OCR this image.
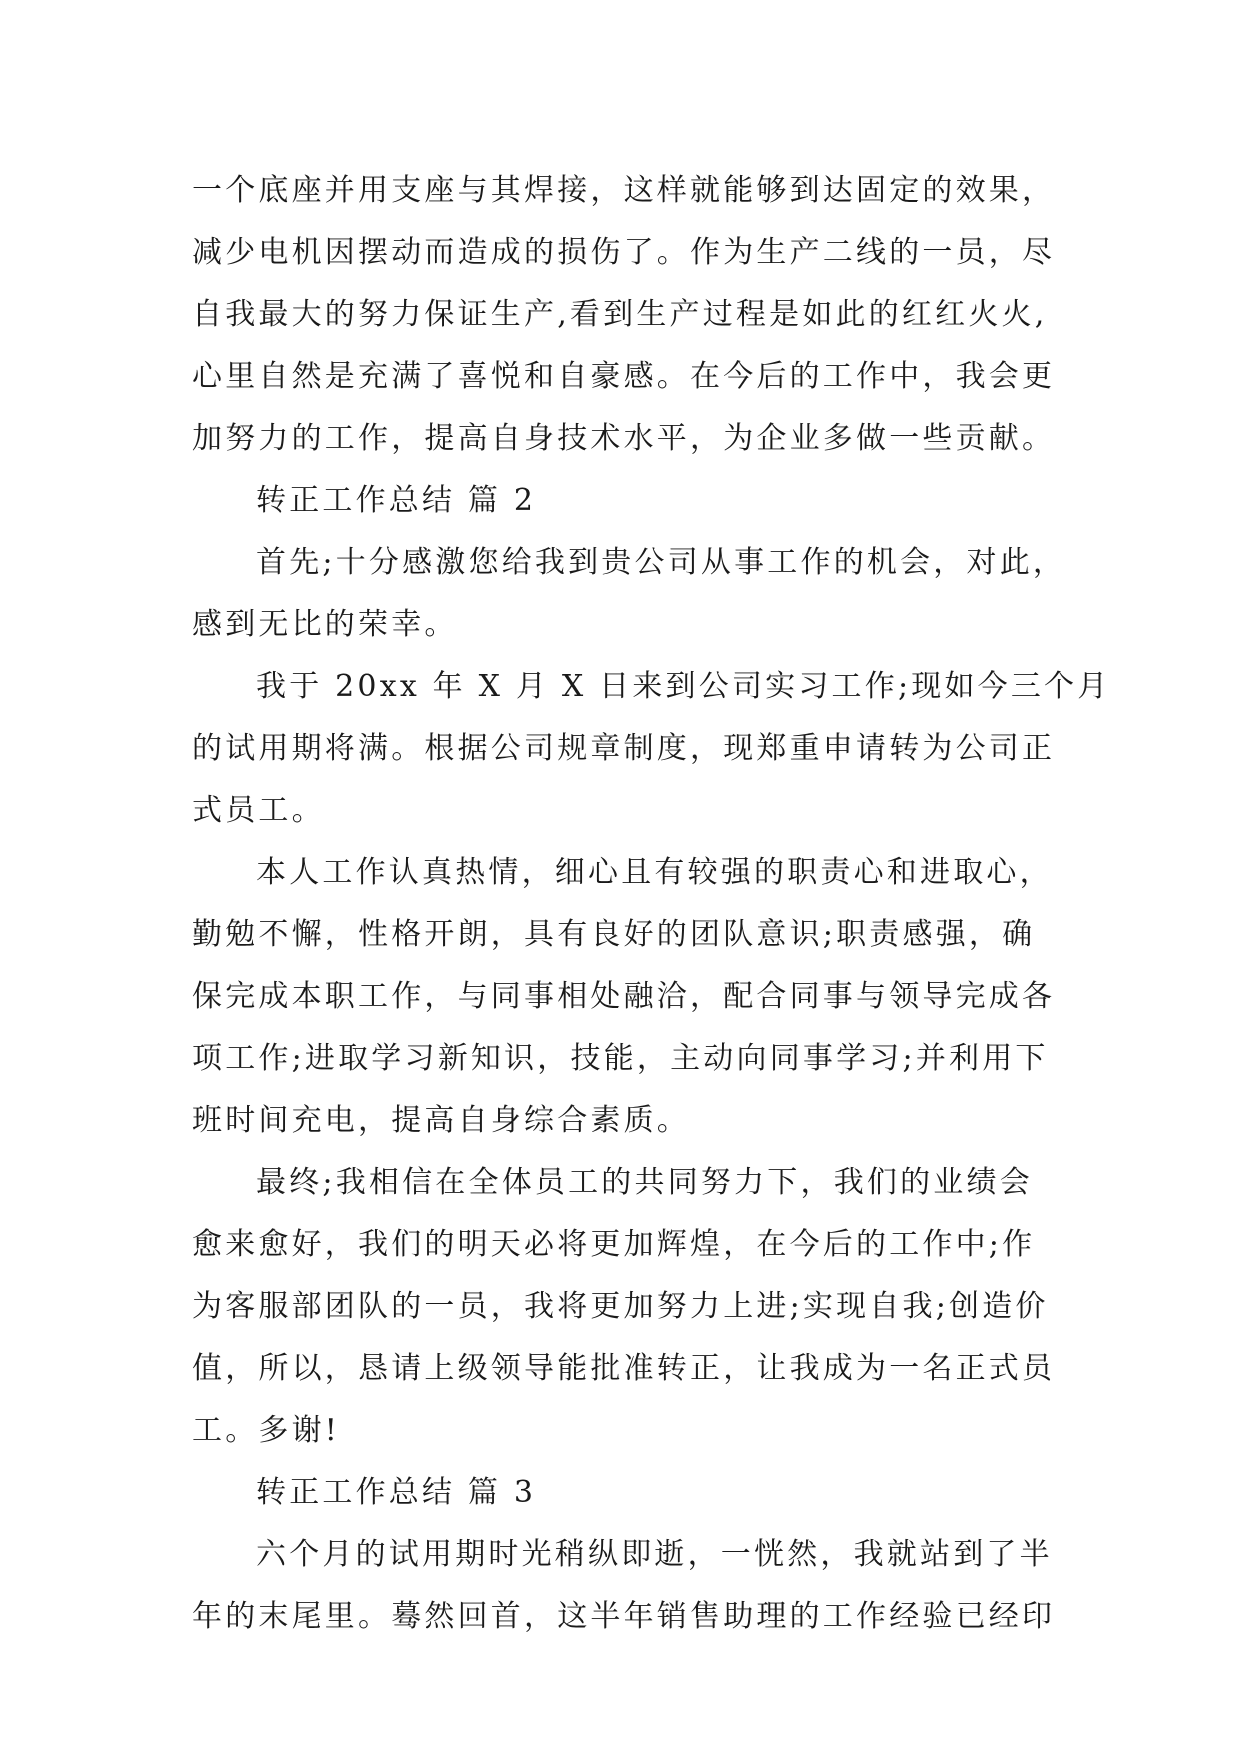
一个底座并用支座与其焊接，这样就能够到达固定的效果，
减少电机因摆动而造成的损伤了。作为生产二线的一员，尽
自我最大的努力保证生产,看到生产过程是如此的红红火火,
心里自然是充满了喜悦和自豪感。在今后的工作中，我会更
加努力的工作，提高自身技术水平，为企业多做一些贡献。
转正工作总结 篇 2
首先;十分感激您给我到贵公司从事工作的机会，对此，
感到无比的荣幸。
我于 20xx 年 X 月 X 日来到公司实习工作;现如今三个月
的试用期将满。根据公司规章制度，现郑重申请转为公司正
式员工。
本人工作认真热情，细心且有较强的职责心和进取心，
勤勉不懈，性格开朗，具有良好的团队意识;职责感强，确
保完成本职工作，与同事相处融洽，配合同事与领导完成各
项工作;进取学习新知识，技能，主动向同事学习;并利用下
班时间充电，提高自身综合素质。
最终;我相信在全体员工的共同努力下，我们的业绩会
愈来愈好，我们的明天必将更加辉煌，在今后的工作中;作
为客服部团队的一员，我将更加努力上进;实现自我;创造价
值，所以，恳请上级领导能批准转正，让我成为一名正式员
工。多谢!
转正工作总结 篇 3
六个月的试用期时光稍纵即逝，一恍然，我就站到了半
年的末尾里。蓦然回首，这半年销售助理的工作经验已经印
